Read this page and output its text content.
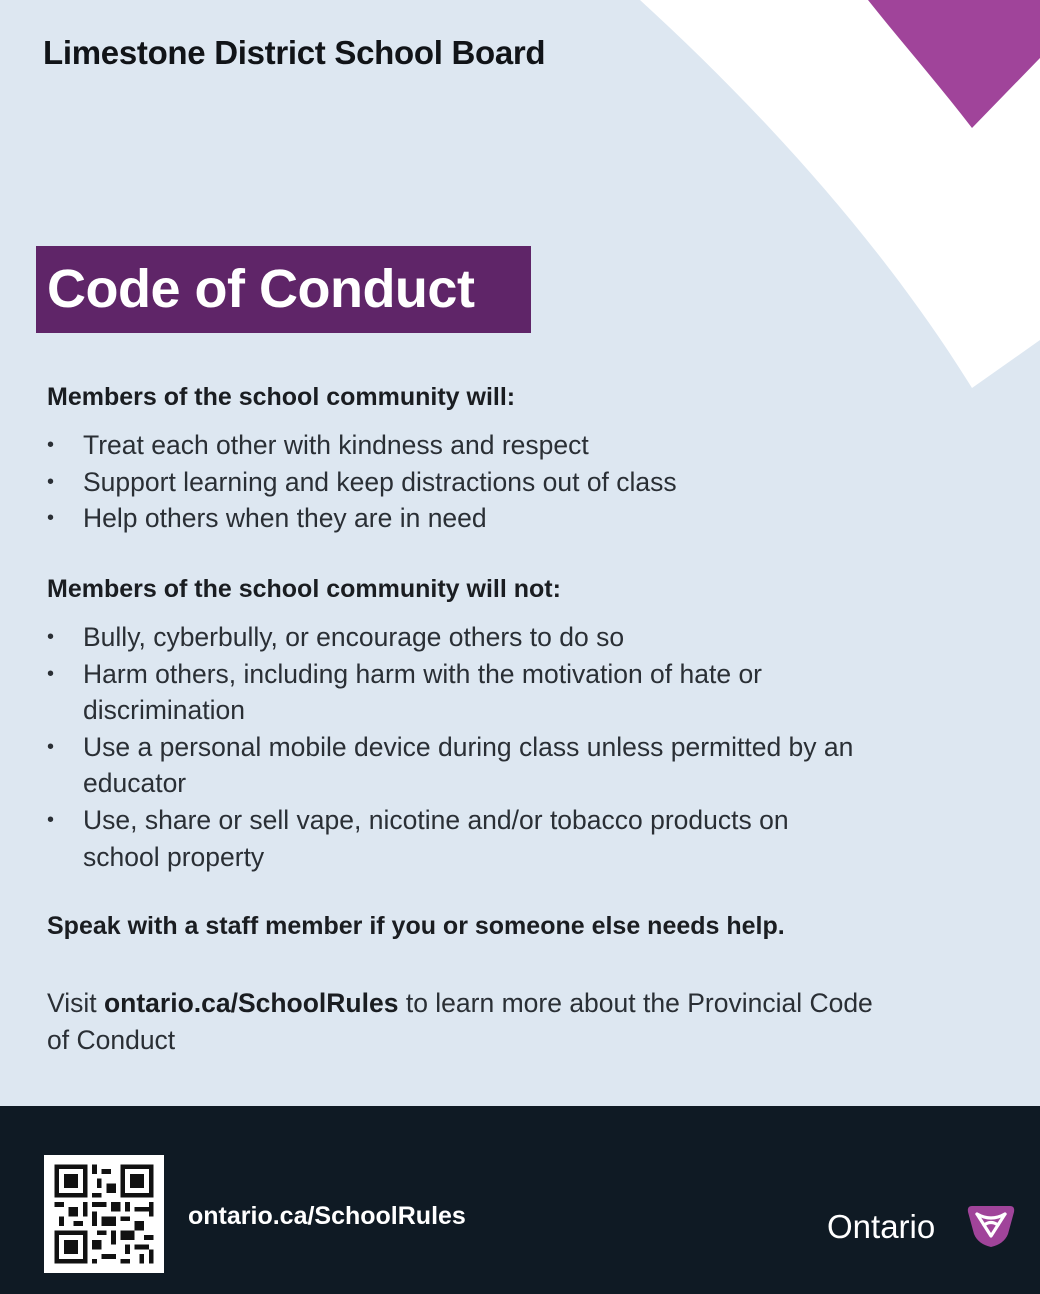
Limestone District School Board
Code of Conduct
Members of the school community will:
• Treat each other with kindness and respect
• Support learning and keep distractions out of class
• Help others when they are in need
Members of the school community will not:
• Bully, cyberbully, or encourage others to do so
• Harm others, including harm with the motivation of hate or discrimination
• Use a personal mobile device during class unless permitted by an educator
• Use, share or sell vape, nicotine and/or tobacco products on school property
Speak with a staff member if you or someone else needs help.
Visit ontario.ca/SchoolRules to learn more about the Provincial Code of Conduct
ontario.ca/SchoolRules	Ontario
